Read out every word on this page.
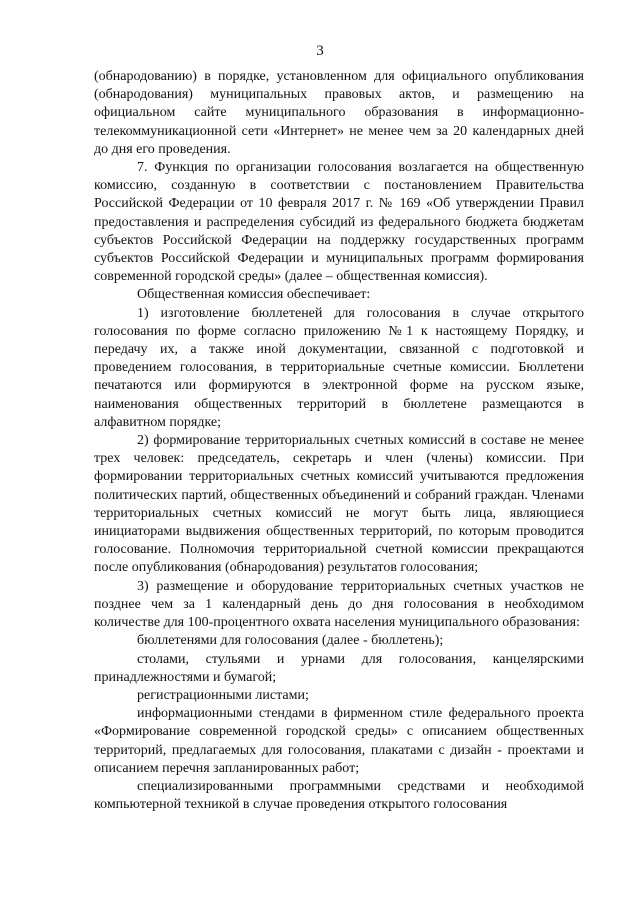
3

(обнародованию) в порядке, установленном для официального опубликования (обнародования) муниципальных правовых актов, и размещению на официальном сайте муниципального образования в информационно-телекоммуникационной сети «Интернет» не менее чем за 20 календарных дней до дня его проведения.

7. Функция по организации голосования возлагается на общественную комиссию, созданную в соответствии с постановлением Правительства Российской Федерации от 10 февраля 2017 г. № 169 «Об утверждении Правил предоставления и распределения субсидий из федерального бюджета бюджетам субъектов Российской Федерации на поддержку государственных программ субъектов Российской Федерации и муниципальных программ формирования современной городской среды» (далее – общественная комиссия).

Общественная комиссия обеспечивает:

1) изготовление бюллетеней для голосования в случае открытого голосования по форме согласно приложению №1 к настоящему Порядку, и передачу их, а также иной документации, связанной с подготовкой и проведением голосования, в территориальные счетные комиссии. Бюллетени печатаются или формируются в электронной форме на русском языке, наименования общественных территорий в бюллетене размещаются в алфавитном порядке;

2) формирование территориальных счетных комиссий в составе не менее трех человек: председатель, секретарь и член (члены) комиссии. При формировании территориальных счетных комиссий учитываются предложения политических партий, общественных объединений и собраний граждан. Членами территориальных счетных комиссий не могут быть лица, являющиеся инициаторами выдвижения общественных территорий, по которым проводится голосование. Полномочия территориальной счетной комиссии прекращаются после опубликования (обнародования) результатов голосования;

3) размещение и оборудование территориальных счетных участков не позднее чем за 1 календарный день до дня голосования в необходимом количестве для 100-процентного охвата населения муниципального образования:

бюллетенями для голосования (далее - бюллетень);

столами, стульями и урнами для голосования, канцелярскими принадлежностями и бумагой;

регистрационными листами;

информационными стендами в фирменном стиле федерального проекта «Формирование современной городской среды» с описанием общественных территорий, предлагаемых для голосования, плакатами с дизайн - проектами и описанием перечня запланированных работ;

специализированными программными средствами и необходимой компьютерной техникой в случае проведения открытого голосования
